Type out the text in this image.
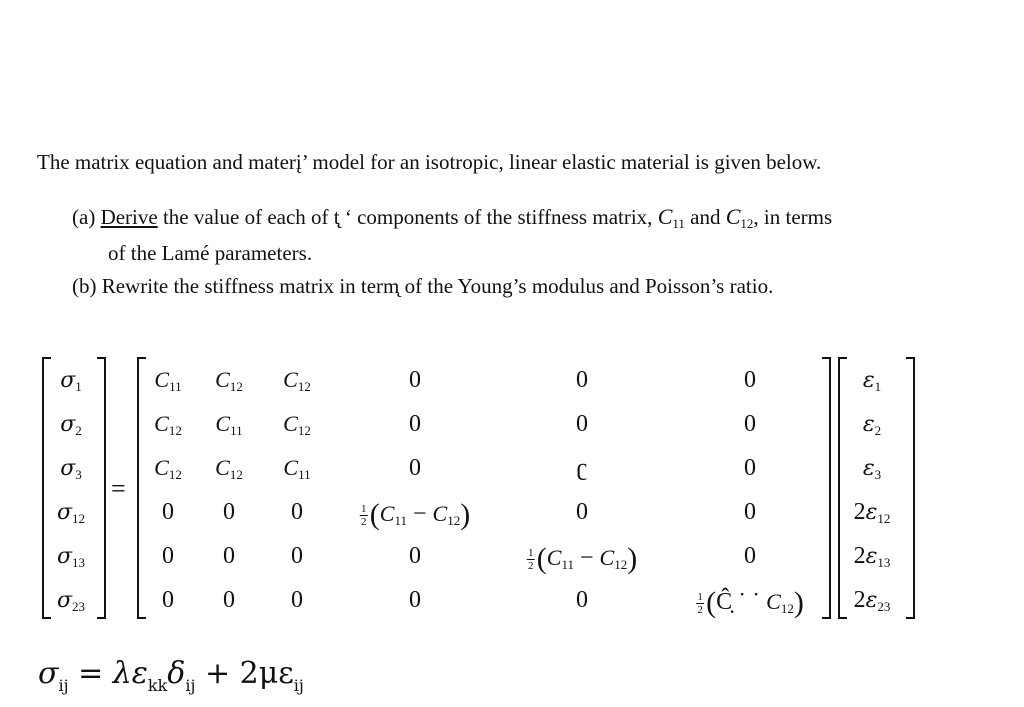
The matrix equation and materį’ model for an isotropic, linear elastic material is given below.
(a) Derive the value of each of t̨̨ ʻ components of the stiffness matrix, $C_{11}$ and $C_{12}$, in terms
of the Lamé parameters.
(b) Rewrite the stiffness matrix in term̨ of the Young’s modulus and Poisson’s ratio.
$\sigma_1$
$\sigma_2$
$\sigma_3$
$\sigma_{12}$
$\sigma_{13}$
$\sigma_{23}$
$\varepsilon_1$
$\varepsilon_2$
$\varepsilon_3$
$2\varepsilon_{12}$
$2\varepsilon_{13}$
$2\varepsilon_{23}$
=
$C_{11}$ $C_{12}$ $C_{12}$	0	0	0
$C_{12}$ $C_{11}$ $C_{12}$	0	0	0
$C_{12}$ $C_{12}$ $C_{11}$	0	ʗ	0
0 0 0	$\frac{1}{2} (C_{11} - C_{12})$	0	0
0 0 0	0	$\frac{1}{2} (C_{11} - C_{12})$	0
0 0 0	0	0	$\frac{1}{2}$ (Ĉ ˙ ˙ $C_{12}$)
$\sigma_{ij} = \lambda\varepsilon_{kk}\delta_{ij} + 2\mu\varepsilon_{ij}$
